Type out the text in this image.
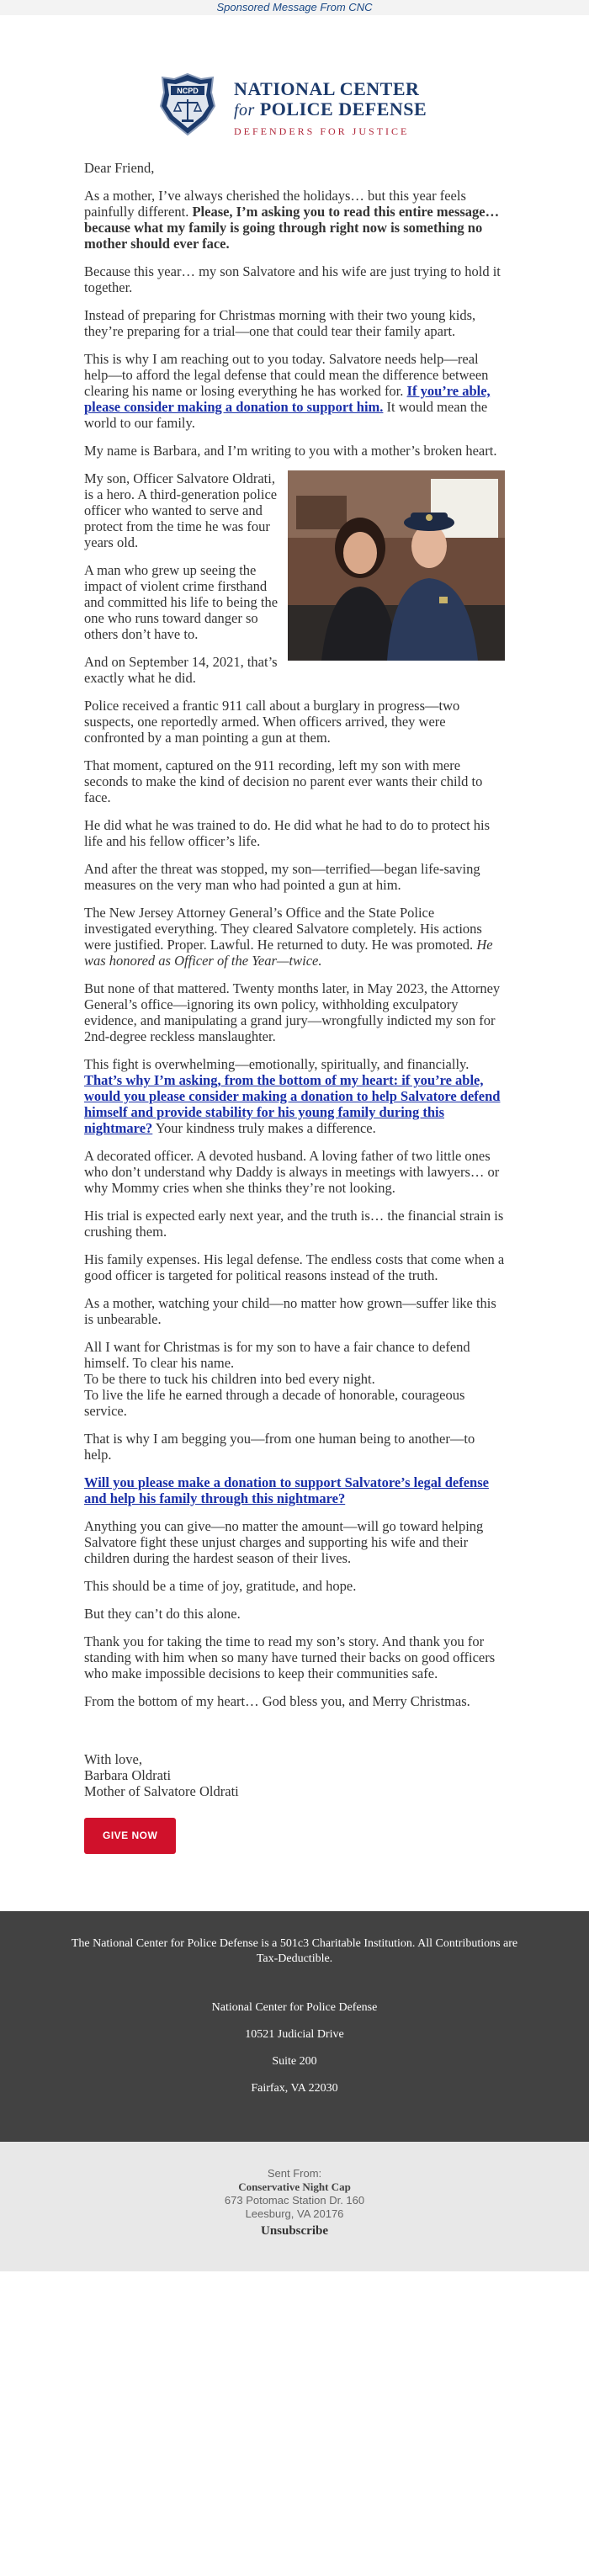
Sponsored Message From CNC
NCPD NATIONAL CENTER
for POLICE DEFENSE
DEFENDERS FOR JUSTICE

Dear Friend,

As a mother, I’ve always cherished the holidays… but this year feels painfully different. Please, I’m asking you to read this entire message…because what my family is going through right now is something no mother should ever face.

Because this year… my son Salvatore and his wife are just trying to hold it together.

Instead of preparing for Christmas morning with their two young kids, they’re preparing for a trial—one that could tear their family apart.

This is why I am reaching out to you today. Salvatore needs help—real help—to afford the legal defense that could mean the difference between clearing his name or losing everything he has worked for. If you’re able, please consider making a donation to support him. It would mean the world to our family.

My name is Barbara, and I’m writing to you with a mother’s broken heart.

My son, Officer Salvatore Oldrati, is a hero. A third-generation police officer who wanted to serve and protect from the time he was four years old.

A man who grew up seeing the impact of violent crime firsthand and committed his life to being the one who runs toward danger so others don’t have to.

And on September 14, 2021, that’s exactly what he did.

Police received a frantic 911 call about a burglary in progress—two suspects, one reportedly armed. When officers arrived, they were confronted by a man pointing a gun at them.

That moment, captured on the 911 recording, left my son with mere seconds to make the kind of decision no parent ever wants their child to face.

He did what he was trained to do. He did what he had to do to protect his life and his fellow officer’s life.

And after the threat was stopped, my son—terrified—began life-saving measures on the very man who had pointed a gun at him.

The New Jersey Attorney General’s Office and the State Police investigated everything. They cleared Salvatore completely. His actions were justified. Proper. Lawful. He returned to duty. He was promoted. He was honored as Officer of the Year—twice.

But none of that mattered. Twenty months later, in May 2023, the Attorney General’s office—ignoring its own policy, withholding exculpatory evidence, and manipulating a grand jury—wrongfully indicted my son for 2nd-degree reckless manslaughter.

This fight is overwhelming—emotionally, spiritually, and financially. That’s why I’m asking, from the bottom of my heart: if you’re able, would you please consider making a donation to help Salvatore defend himself and provide stability for his young family during this nightmare? Your kindness truly makes a difference.

A decorated officer. A devoted husband. A loving father of two little ones who don’t understand why Daddy is always in meetings with lawyers… or why Mommy cries when she thinks they’re not looking.

His trial is expected early next year, and the truth is… the financial strain is crushing them.

His family expenses. His legal defense. The endless costs that come when a good officer is targeted for political reasons instead of the truth.

As a mother, watching your child—no matter how grown—suffer like this is unbearable.

All I want for Christmas is for my son to have a fair chance to defend himself. To clear his name.
To be there to tuck his children into bed every night.
To live the life he earned through a decade of honorable, courageous service.

That is why I am begging you—from one human being to another—to help.

Will you please make a donation to support Salvatore’s legal defense and help his family through this nightmare?

Anything you can give—no matter the amount—will go toward helping Salvatore fight these unjust charges and supporting his wife and their children during the hardest season of their lives.

This should be a time of joy, gratitude, and hope.

But they can’t do this alone.

Thank you for taking the time to read my son’s story. And thank you for standing with him when so many have turned their backs on good officers who make impossible decisions to keep their communities safe.

From the bottom of my heart… God bless you, and Merry Christmas.

With love,
Barbara Oldrati
Mother of Salvatore Oldrati
GIVE NOW

The National Center for Police Defense is a 501c3 Charitable Institution. All Contributions are Tax-Deductible.

National Center for Police Defense

10521 Judicial Drive

Suite 200

Fairfax, VA 22030

Sent From:
Conservative Night Cap
673 Potomac Station Dr. 160
Leesburg, VA 20176
Unsubscribe
